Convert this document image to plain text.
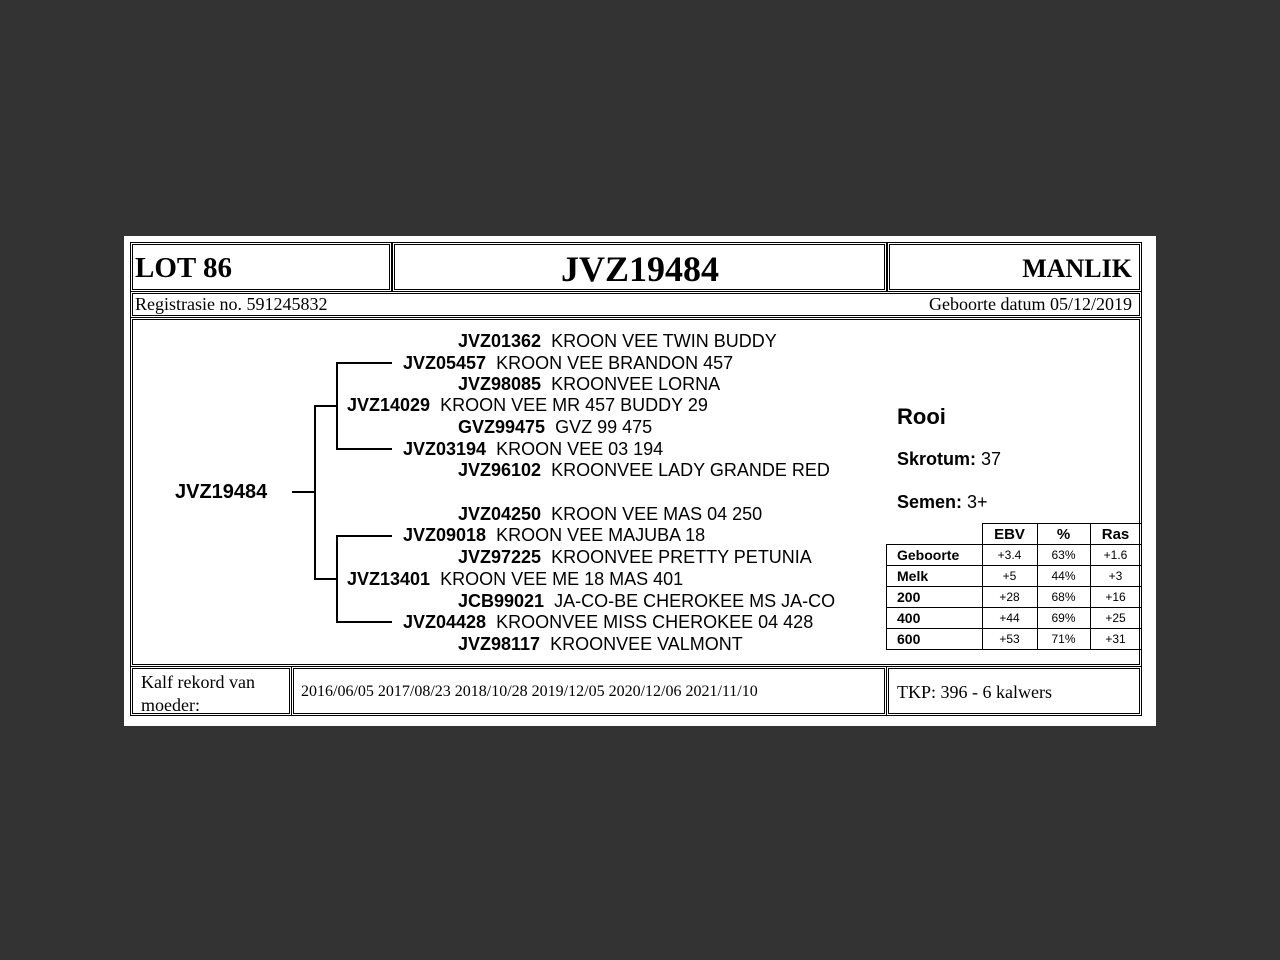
LOT 86	JVZ19484	MANLIK
Registrasie no. 591245832	Geboorte datum 05/12/2019
JVZ19484
JVZ01362 KROON VEE TWIN BUDDY
JVZ05457 KROON VEE BRANDON 457
JVZ98085 KROONVEE LORNA
JVZ14029 KROON VEE MR 457 BUDDY 29
GVZ99475 GVZ 99 475
JVZ03194 KROON VEE 03 194
JVZ96102 KROONVEE LADY GRANDE RED
JVZ04250 KROON VEE MAS 04 250
JVZ09018 KROON VEE MAJUBA 18
JVZ97225 KROONVEE PRETTY PETUNIA
JVZ13401 KROON VEE ME 18 MAS 401
JCB99021 JA-CO-BE CHEROKEE MS JA-CO
JVZ04428 KROONVEE MISS CHEROKEE 04 428
JVZ98117 KROONVEE VALMONT
Rooi
Skrotum: 37
Semen: 3+
	EBV	%	Ras
Geboorte	+3.4	63%	+1.6
Melk	+5	44%	+3
200	+28	68%	+16
400	+44	69%	+25
600	+53	71%	+31
Kalf rekord van moeder:
2016/06/05 2017/08/23 2018/10/28 2019/12/05 2020/12/06 2021/11/10	TKP: 396 - 6 kalwers
